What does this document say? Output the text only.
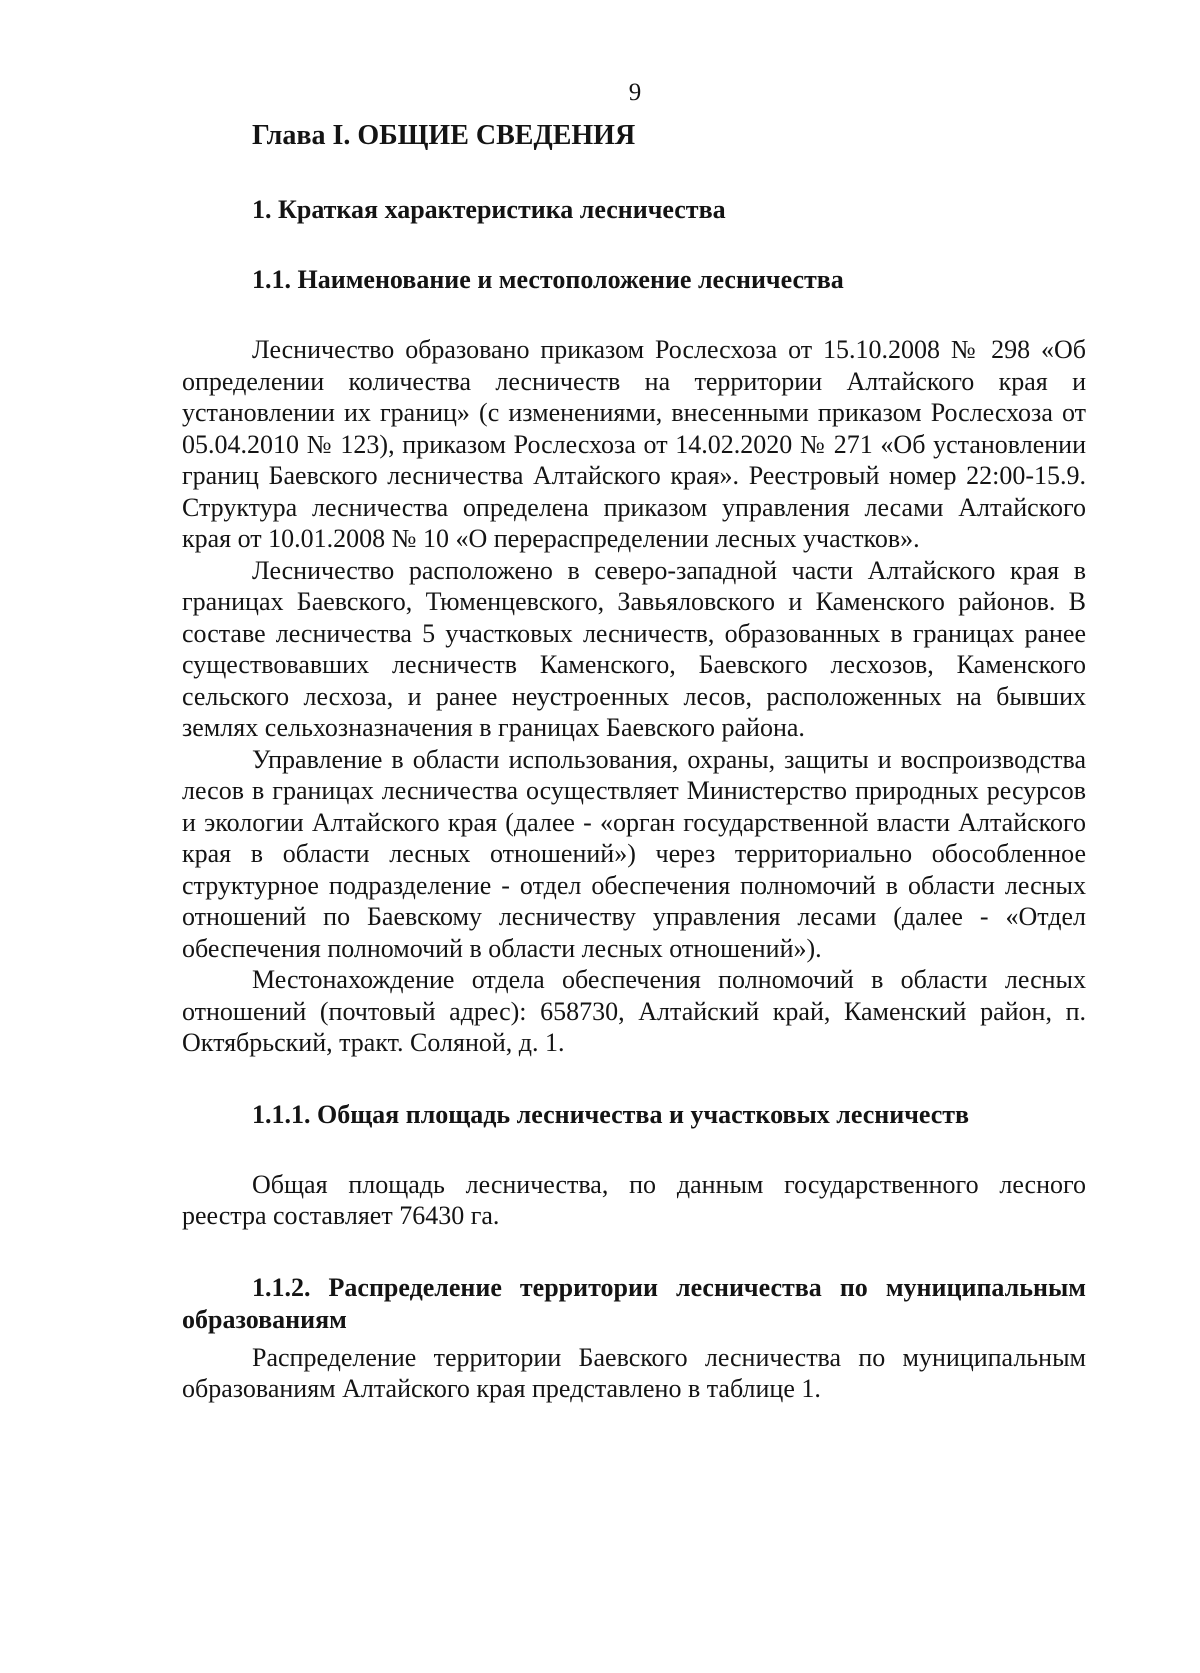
9
Глава I. ОБЩИЕ СВЕДЕНИЯ
1. Краткая характеристика лесничества
1.1. Наименование и местоположение лесничества

Лесничество образовано приказом Рослесхоза от 15.10.2008 № 298 «Об определении количества лесничеств на территории Алтайского края и установлении их границ» (с изменениями, внесенными приказом Рослесхоза от 05.04.2010 № 123), приказом Рослесхоза от 14.02.2020 № 271 «Об установлении границ Баевского лесничества Алтайского края». Реестровый номер 22:00-15.9. Структура лесничества определена приказом управления лесами Алтайского края от 10.01.2008 № 10 «О перераспределении лесных участков».

Лесничество расположено в северо-западной части Алтайского края в границах Баевского, Тюменцевского, Завьяловского и Каменского районов. В составе лесничества 5 участковых лесничеств, образованных в границах ранее существовавших лесничеств Каменского, Баевского лесхозов, Каменского сельского лесхоза, и ранее неустроенных лесов, расположенных на бывших землях сельхозназначения в границах Баевского района.

Управление в области использования, охраны, защиты и воспроизводства лесов в границах лесничества осуществляет Министерство природных ресурсов и экологии Алтайского края (далее - «орган государственной власти Алтайского края в области лесных отношений») через территориально обособленное структурное подразделение - отдел обеспечения полномочий в области лесных отношений по Баевскому лесничеству управления лесами (далее - «Отдел обеспечения полномочий в области лесных отношений»).

Местонахождение отдела обеспечения полномочий в области лесных отношений (почтовый адрес): 658730, Алтайский край, Каменский район, п. Октябрьский, тракт. Соляной, д. 1.

1.1.1. Общая площадь лесничества и участковых лесничеств

Общая площадь лесничества, по данным государственного лесного реестра составляет 76430 га.

1.1.2. Распределение территории лесничества по муниципальным образованиям

Распределение территории Баевского лесничества по муниципальным образованиям Алтайского края представлено в таблице 1.
